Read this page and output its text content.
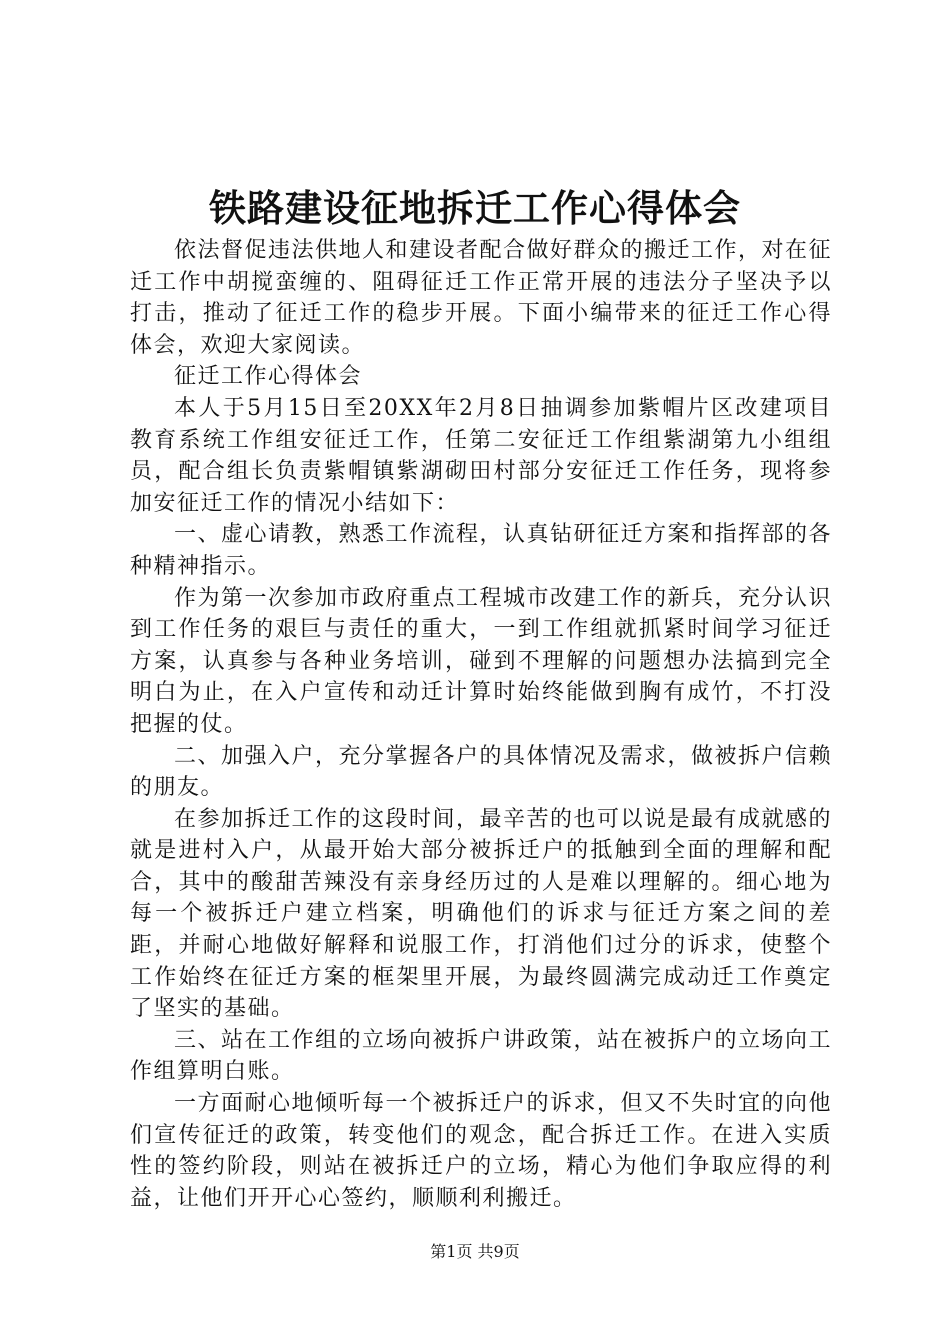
铁路建设征地拆迁工作心得体会

依法督促违法供地人和建设者配合做好群众的搬迁工作，对在征迁工作中胡搅蛮缠的、阻碍征迁工作正常开展的违法分子坚决予以打击，推动了征迁工作的稳步开展。下面小编带来的征迁工作心得体会，欢迎大家阅读。

征迁工作心得体会

本人于5月15日至20XX年2月8日抽调参加紫帽片区改建项目教育系统工作组安征迁工作，任第二安征迁工作组紫湖第九小组组员，配合组长负责紫帽镇紫湖砌田村部分安征迁工作任务，现将参加安征迁工作的情况小结如下：

一、虚心请教，熟悉工作流程，认真钻研征迁方案和指挥部的各种精神指示。

作为第一次参加市政府重点工程城市改建工作的新兵，充分认识到工作任务的艰巨与责任的重大，一到工作组就抓紧时间学习征迁方案，认真参与各种业务培训，碰到不理解的问题想办法搞到完全明白为止，在入户宣传和动迁计算时始终能做到胸有成竹，不打没把握的仗。

二、加强入户，充分掌握各户的具体情况及需求，做被拆户信赖的朋友。

在参加拆迁工作的这段时间，最辛苦的也可以说是最有成就感的就是进村入户，从最开始大部分被拆迁户的抵触到全面的理解和配合，其中的酸甜苦辣没有亲身经历过的人是难以理解的。细心地为每一个被拆迁户建立档案，明确他们的诉求与征迁方案之间的差距，并耐心地做好解释和说服工作，打消他们过分的诉求，使整个工作始终在征迁方案的框架里开展，为最终圆满完成动迁工作奠定了坚实的基础。

三、站在工作组的立场向被拆户讲政策，站在被拆户的立场向工作组算明白账。

一方面耐心地倾听每一个被拆迁户的诉求，但又不失时宜的向他们宣传征迁的政策，转变他们的观念，配合拆迁工作。在进入实质性的签约阶段，则站在被拆迁户的立场，精心为他们争取应得的利益，让他们开开心心签约，顺顺利利搬迁。

第1页 共9页
